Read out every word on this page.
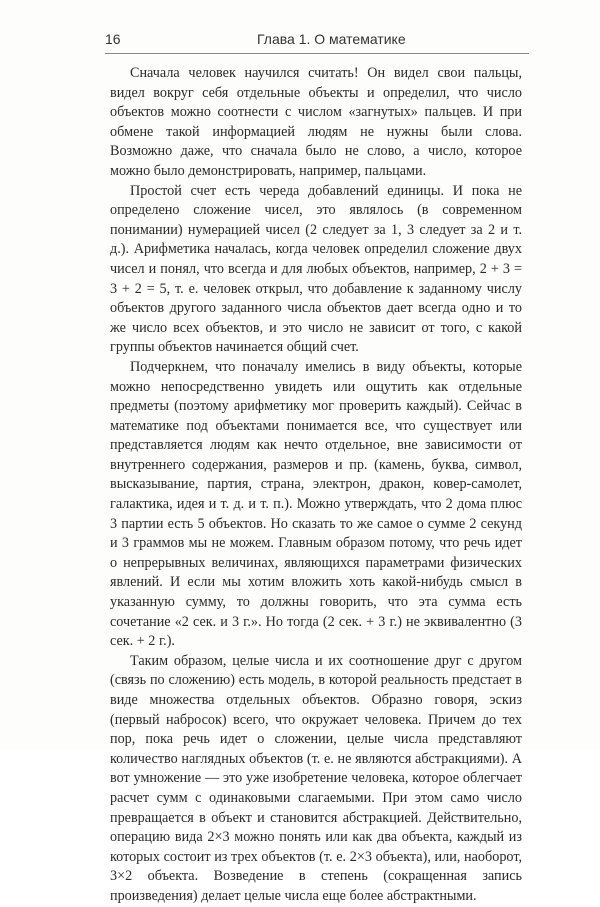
16	Глава 1. О математике

Сначала человек научился считать! Он видел свои пальцы, видел вокруг себя отдельные объекты и определил, что число объектов можно соотнести с числом «загнутых» пальцев. И при обмене такой информацией людям не нужны были слова. Возможно даже, что сначала было не слово, а число, которое можно было демонстрировать, например, пальцами.

Простой счет есть череда добавлений единицы. И пока не определено сложение чисел, это являлось (в современном понимании) нумерацией чисел (2 следует за 1, 3 следует за 2 и т. д.). Арифметика началась, когда человек определил сложение двух чисел и понял, что всегда и для любых объектов, например, 2 + 3 = 3 + 2 = 5, т. е. человек открыл, что добавление к заданному числу объектов другого заданного числа объектов дает всегда одно и то же число всех объектов, и это число не зависит от того, с какой группы объектов начинается общий счет.

Подчеркнем, что поначалу имелись в виду объекты, которые можно непосредственно увидеть или ощутить как отдельные предметы (поэтому арифметику мог проверить каждый). Сейчас в математике под объектами понимается все, что существует или представляется людям как нечто отдельное, вне зависимости от внутреннего содержания, размеров и пр. (камень, буква, символ, высказывание, партия, страна, электрон, дракон, ковер-самолет, галактика, идея и т. д. и т. п.). Можно утверждать, что 2 дома плюс 3 партии есть 5 объектов. Но сказать то же самое о сумме 2 секунд и 3 граммов мы не можем. Главным образом потому, что речь идет о непрерывных величинах, являющихся параметрами физических явлений. И если мы хотим вложить хоть какой-нибудь смысл в указанную сумму, то должны говорить, что эта сумма есть сочетание «2 сек. и 3 г.». Но тогда (2 сек. + 3 г.) не эквивалентно (3 сек. + 2 г.).

Таким образом, целые числа и их соотношение друг с другом (связь по сложению) есть модель, в которой реальность предстает в виде множества отдельных объектов. Образно говоря, эскиз (первый набросок) всего, что окружает человека. Причем до тех пор, пока речь идет о сложении, целые числа представляют количество наглядных объектов (т. е. не являются абстракциями). А вот умножение — это уже изобретение человека, которое облегчает расчет сумм с одинаковыми слагаемыми. При этом само число превращается в объект и становится абстракцией. Действительно, операцию вида 2×3 можно понять или как два объекта, каждый из которых состоит из трех объектов (т. е. 2×3 объекта), или, наоборот, 3×2 объекта. Возведение в степень (сокращенная запись произведения) делает целые числа еще более абстрактными.
